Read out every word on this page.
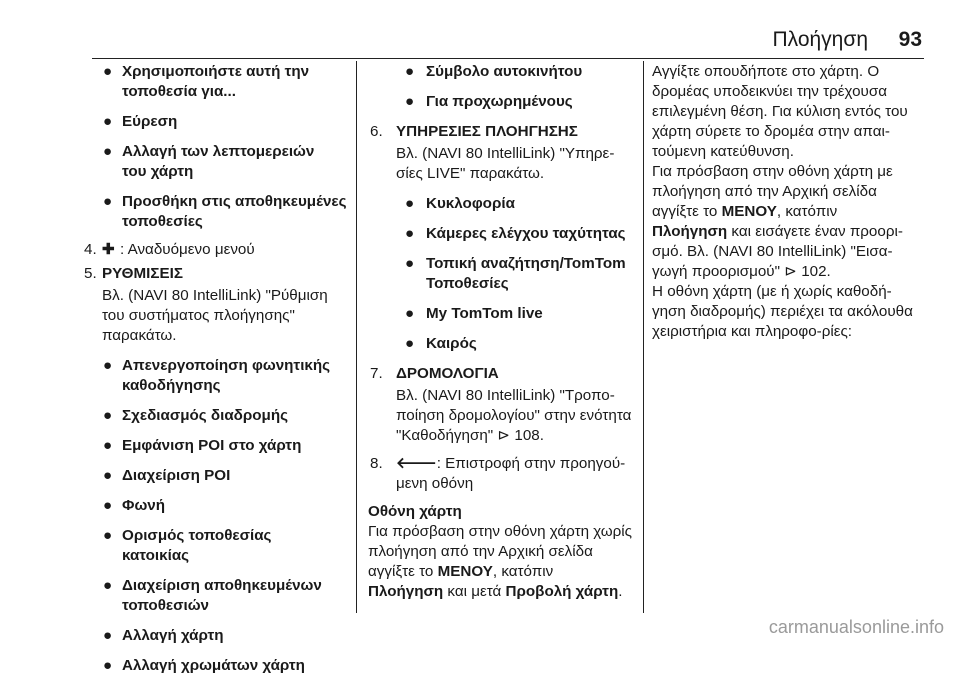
Πλοήγηση 93
● Χρησιμοποιήστε αυτή την τοποθεσία για...
● Εύρεση
● Αλλαγή των λεπτομερειών του χάρτη
● Προσθήκη στις αποθηκευμένες τοποθεσίες
4. ✚ : Αναδυόμενο μενού
5. ΡΥΘΜΙΣΕΙΣ
Βλ. (NAVI 80 IntelliLink) "Ρύθμιση του συστήματος πλοήγησης" παρακάτω.
● Απενεργοποίηση φωνητικής καθοδήγησης
● Σχεδιασμός διαδρομής
● Εμφάνιση POI στο χάρτη
● Διαχείριση POI
● Φωνή
● Ορισμός τοποθεσίας κατοικίας
● Διαχείριση αποθηκευμένων τοποθεσιών
● Αλλαγή χάρτη
● Αλλαγή χρωμάτων χάρτη
● Σύμβολο αυτοκινήτου
● Για προχωρημένους
6. ΥΠΗΡΕΣΙΕΣ ΠΛΟΗΓΗΣΗΣ
Βλ. (NAVI 80 IntelliLink) "Υπηρε-σίες LIVE" παρακάτω.
● Κυκλοφορία
● Κάμερες ελέγχου ταχύτητας
● Τοπική αναζήτηση/TomTom Τοποθεσίες
● My TomTom live
● Καιρός
7. ΔΡΟΜΟΛΟΓΙΑ
Βλ. (NAVI 80 IntelliLink) "Τροπο-ποίηση δρομολογίου" στην ενότητα "Καθοδήγηση" ⊳ 108.
8. 🡐: Επιστροφή στην προηγού-μενη οθόνη
Οθόνη χάρτη
Για πρόσβαση στην οθόνη χάρτη χωρίς πλοήγηση από την Αρχική σελίδα αγγίξτε το ΜΕΝΟΥ, κατόπιν Πλοήγηση και μετά Προβολή χάρτη.

Αγγίξτε οπουδήποτε στο χάρτη. Ο δρομέας υποδεικνύει την τρέχουσα επιλεγμένη θέση. Για κύλιση εντός του χάρτη σύρετε το δρομέα στην απαι-τούμενη κατεύθυνση.

Για πρόσβαση στην οθόνη χάρτη με πλοήγηση από την Αρχική σελίδα αγγίξτε το ΜΕΝΟΥ, κατόπιν Πλοήγηση και εισάγετε έναν προορι-σμό. Βλ. (NAVI 80 IntelliLink) "Εισα-γωγή προορισμού" ⊳ 102.

Η οθόνη χάρτη (με ή χωρίς καθοδή-γηση διαδρομής) περιέχει τα ακόλουθα χειριστήρια και πληροφο-ρίες:

carmanualsonline.info
